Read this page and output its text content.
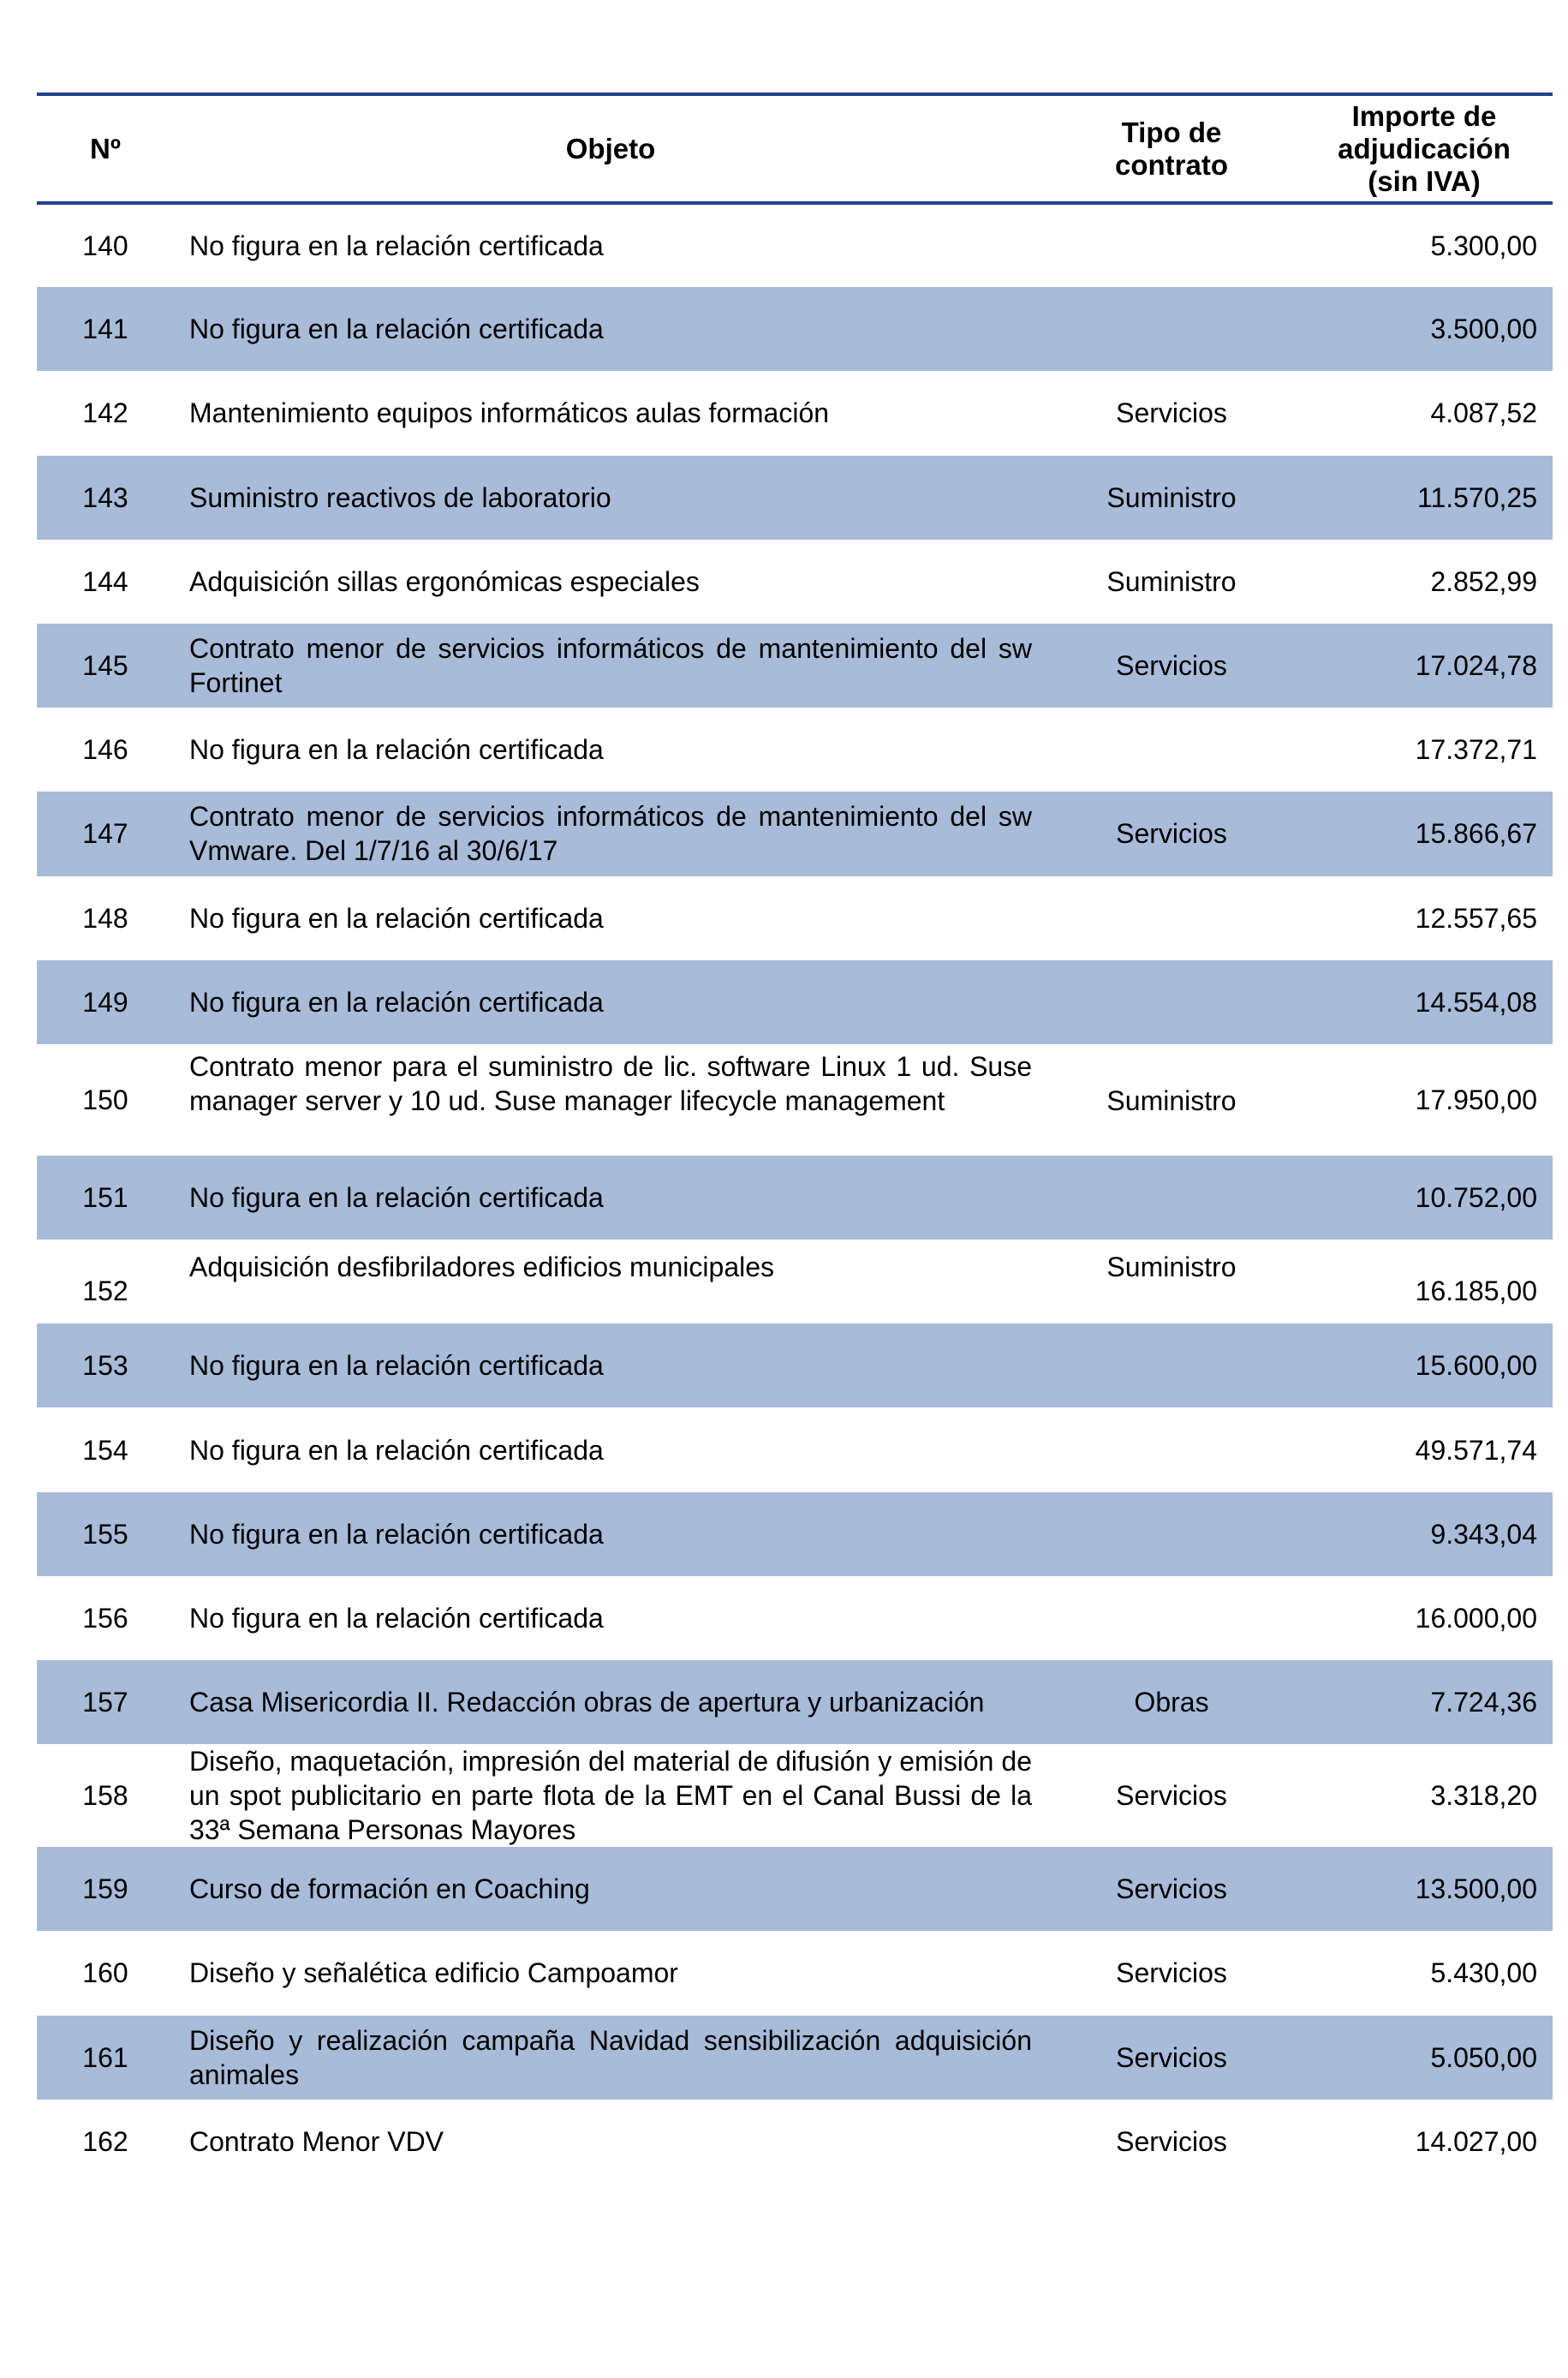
Nº	Objeto	Tipo de contrato	Importe de adjudicación (sin IVA)

140	No figura en la relación certificada		5.300,00
141	No figura en la relación certificada		3.500,00
142	Mantenimiento equipos informáticos aulas formación	Servicios	4.087,52
143	Suministro reactivos de laboratorio	Suministro	11.570,25
144	Adquisición sillas ergonómicas especiales	Suministro	2.852,99
145	Contrato menor de servicios informáticos de mantenimiento del sw Fortinet	Servicios	17.024,78
146	No figura en la relación certificada		17.372,71
147	Contrato menor de servicios informáticos de mantenimiento del sw Vmware. Del 1/7/16 al 30/6/17	Servicios	15.866,67
148	No figura en la relación certificada		12.557,65
149	No figura en la relación certificada		14.554,08
150	Contrato menor para el suministro de lic. software Linux 1 ud. Suse manager server y 10 ud. Suse manager lifecycle management	Suministro	17.950,00
151	No figura en la relación certificada		10.752,00
152	Adquisición desfibriladores edificios municipales	Suministro	16.185,00
153	No figura en la relación certificada		15.600,00
154	No figura en la relación certificada		49.571,74
155	No figura en la relación certificada		9.343,04
156	No figura en la relación certificada		16.000,00
157	Casa Misericordia II. Redacción obras de apertura y urbanización	Obras	7.724,36
158	Diseño, maquetación, impresión del material de difusión y emisión de un spot publicitario en parte flota de la EMT en el Canal Bussi de la 33ª Semana Personas Mayores	Servicios	3.318,20
159	Curso de formación en Coaching	Servicios	13.500,00
160	Diseño y señalética edificio Campoamor	Servicios	5.430,00
161	Diseño y realización campaña Navidad sensibilización adquisición animales	Servicios	5.050,00
162	Contrato Menor VDV	Servicios	14.027,00
